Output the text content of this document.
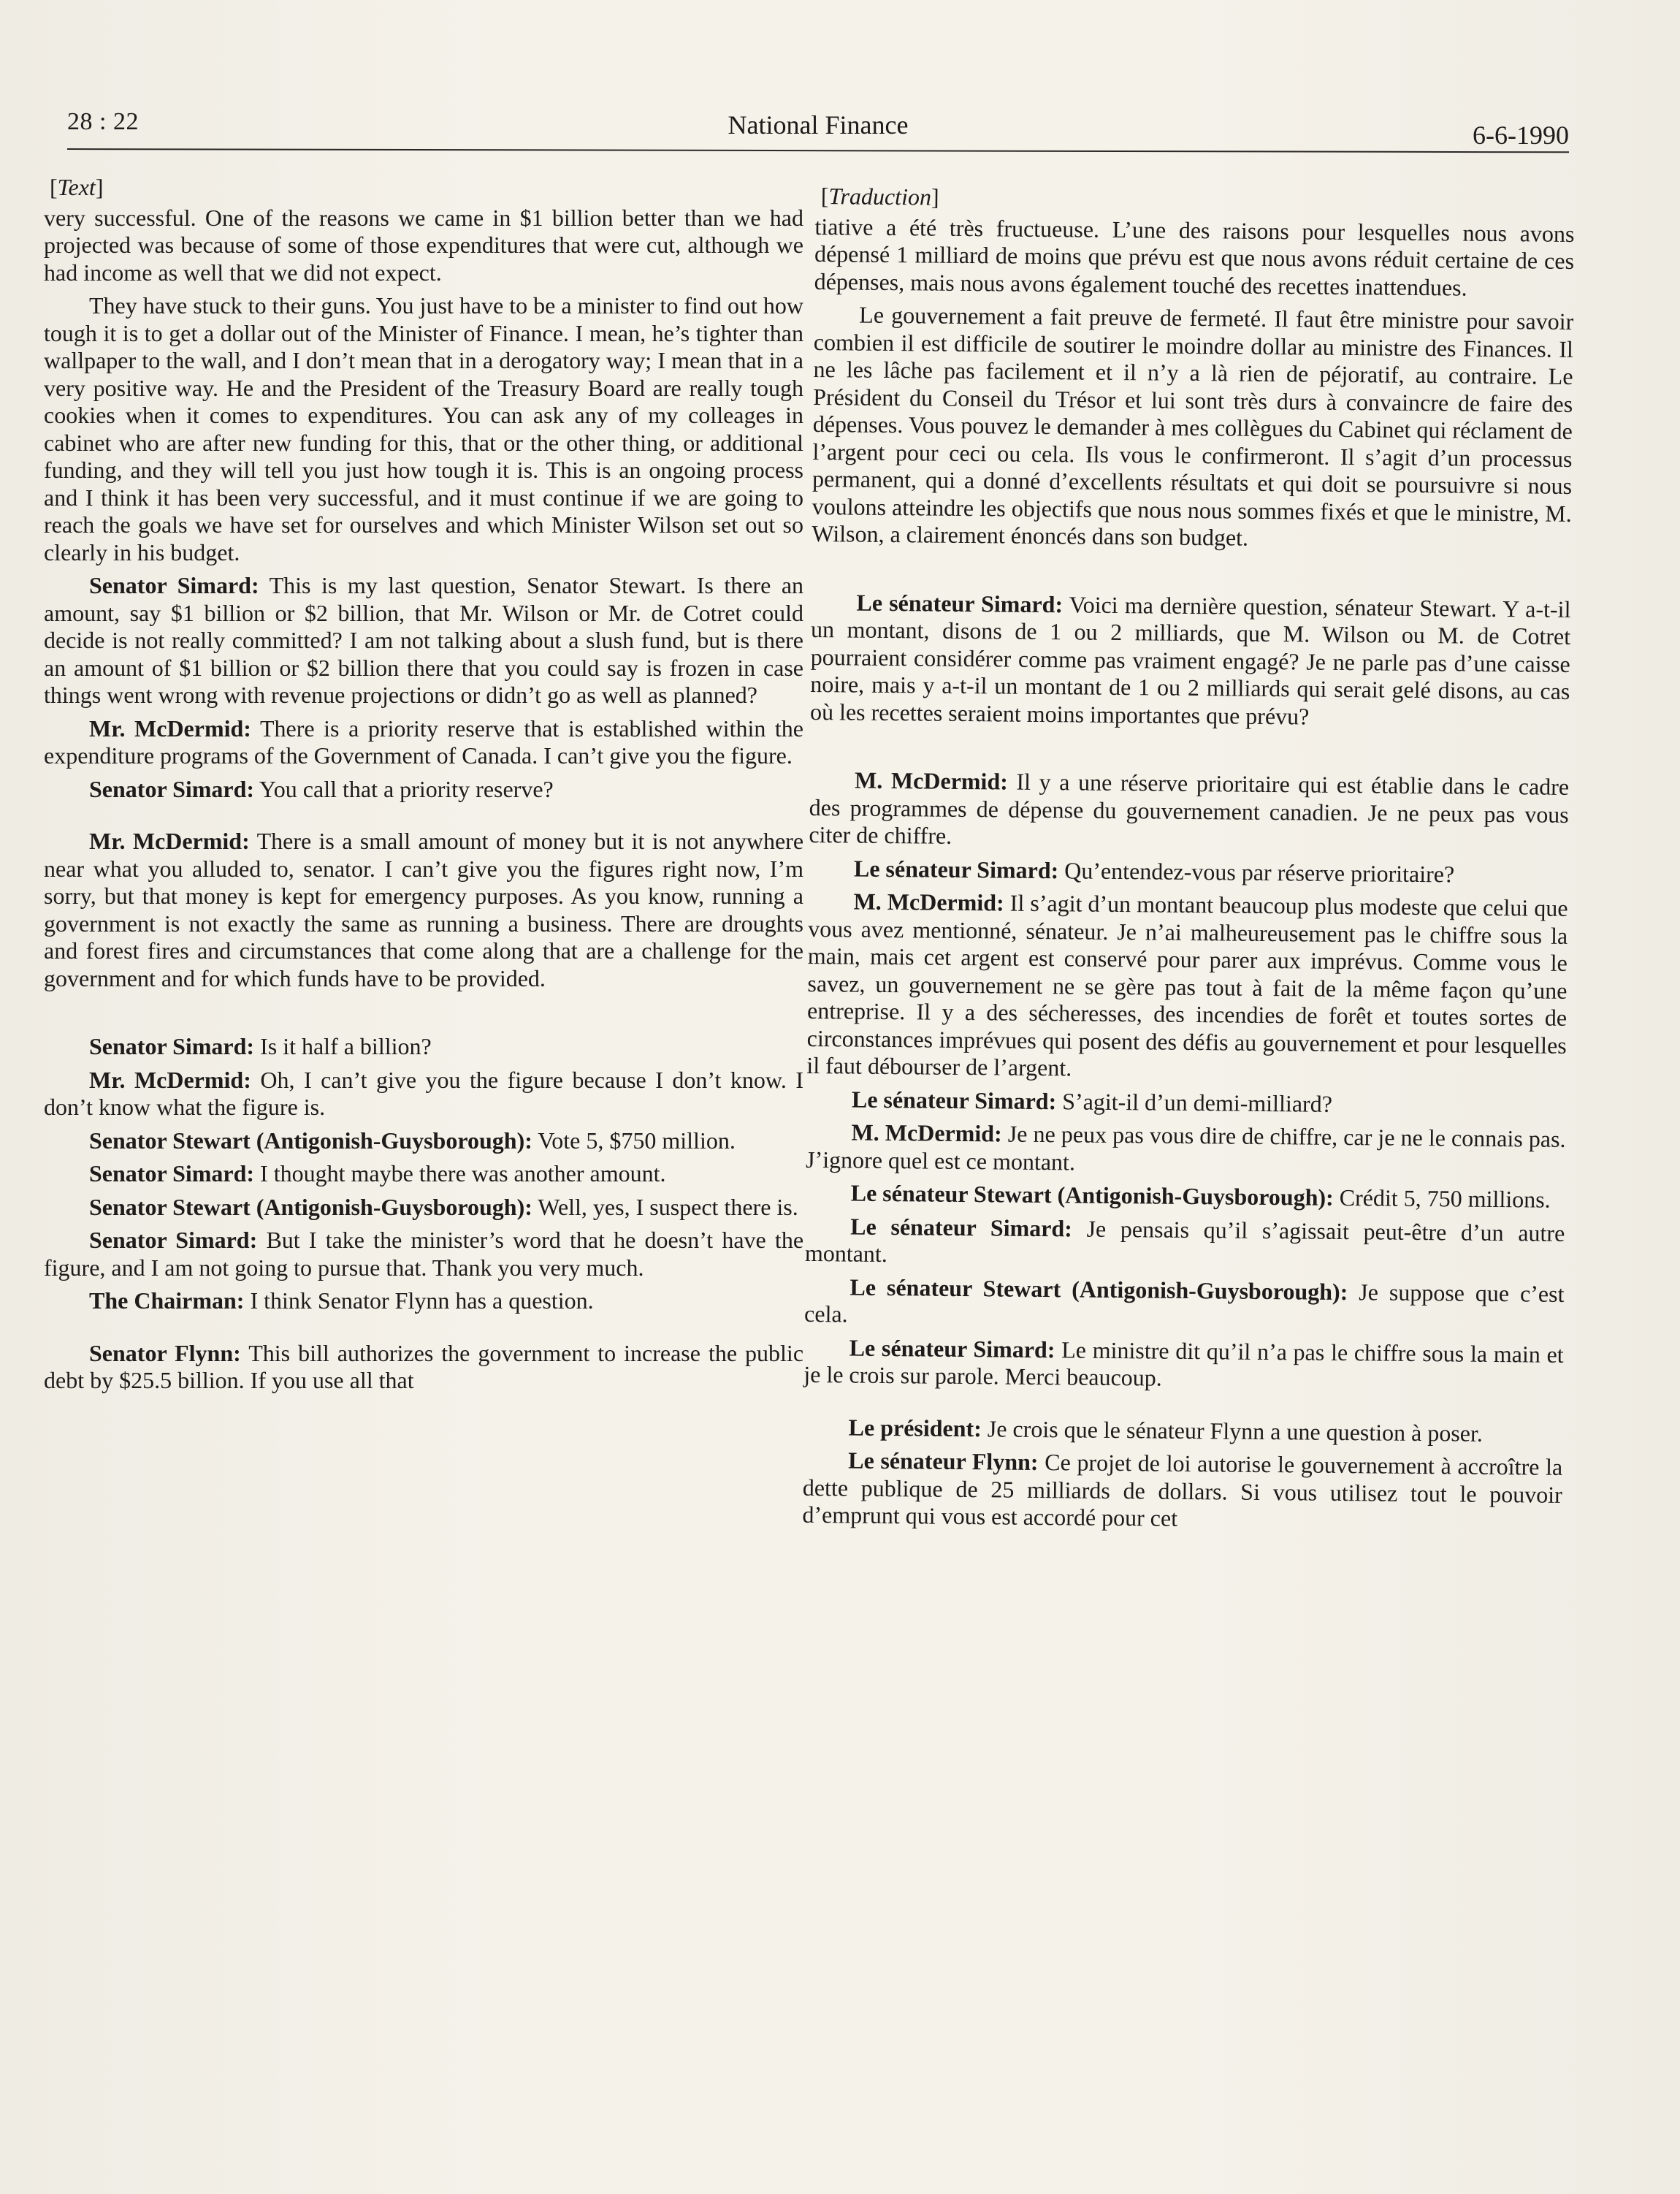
28 : 22	National Finance	6-6-1990
[Text]

very successful. One of the reasons we came in $1 billion better than we had projected was because of some of those expenditures that were cut, although we had income as well that we did not expect.

They have stuck to their guns. You just have to be a minister to find out how tough it is to get a dollar out of the Minister of Finance. I mean, he’s tighter than wallpaper to the wall, and I don’t mean that in a derogatory way; I mean that in a very positive way. He and the President of the Treasury Board are really tough cookies when it comes to expenditures. You can ask any of my colleages in cabinet who are after new funding for this, that or the other thing, or additional funding, and they will tell you just how tough it is. This is an ongoing process and I think it has been very successful, and it must continue if we are going to reach the goals we have set for ourselves and which Minister Wilson set out so clearly in his budget.

Senator Simard: This is my last question, Senator Stewart. Is there an amount, say $1 billion or $2 billion, that Mr. Wilson or Mr. de Cotret could decide is not really committed? I am not talking about a slush fund, but is there an amount of $1 billion or $2 billion there that you could say is frozen in case things went wrong with revenue projections or didn’t go as well as planned?

Mr. McDermid: There is a priority reserve that is established within the expenditure programs of the Government of Canada. I can’t give you the figure.

Senator Simard: You call that a priority reserve?

Mr. McDermid: There is a small amount of money but it is not anywhere near what you alluded to, senator. I can’t give you the figures right now, I’m sorry, but that money is kept for emergency purposes. As you know, running a government is not exactly the same as running a business. There are droughts and forest fires and circumstances that come along that are a challenge for the government and for which funds have to be provided.

Senator Simard: Is it half a billion?

Mr. McDermid: Oh, I can’t give you the figure because I don’t know. I don’t know what the figure is.

Senator Stewart (Antigonish-Guysborough): Vote 5, $750 million.

Senator Simard: I thought maybe there was another amount.

Senator Stewart (Antigonish-Guysborough): Well, yes, I suspect there is.

Senator Simard: But I take the minister’s word that he doesn’t have the figure, and I am not going to pursue that. Thank you very much.

The Chairman: I think Senator Flynn has a question.

Senator Flynn: This bill authorizes the government to increase the public debt by $25.5 billion. If you use all that

[Traduction]

tiative a été très fructueuse. L’une des raisons pour lesquelles nous avons dépensé 1 milliard de moins que prévu est que nous avons réduit certaine de ces dépenses, mais nous avons également touché des recettes inattendues.

Le gouvernement a fait preuve de fermeté. Il faut être ministre pour savoir combien il est difficile de soutirer le moindre dollar au ministre des Finances. Il ne les lâche pas facilement et il n’y a là rien de péjoratif, au contraire. Le Président du Conseil du Trésor et lui sont très durs à convaincre de faire des dépenses. Vous pouvez le demander à mes collègues du Cabinet qui réclament de l’argent pour ceci ou cela. Ils vous le confirmeront. Il s’agit d’un processus permanent, qui a donné d’excellents résultats et qui doit se poursuivre si nous voulons atteindre les objectifs que nous nous sommes fixés et que le ministre, M. Wilson, a clairement énoncés dans son budget.

Le sénateur Simard: Voici ma dernière question, sénateur Stewart. Y a-t-il un montant, disons de 1 ou 2 milliards, que M. Wilson ou M. de Cotret pourraient considérer comme pas vraiment engagé? Je ne parle pas d’une caisse noire, mais y a-t-il un montant de 1 ou 2 milliards qui serait gelé disons, au cas où les recettes seraient moins importantes que prévu?

M. McDermid: Il y a une réserve prioritaire qui est établie dans le cadre des programmes de dépense du gouvernement canadien. Je ne peux pas vous citer de chiffre.

Le sénateur Simard: Qu’entendez-vous par réserve prioritaire?

M. McDermid: Il s’agit d’un montant beaucoup plus modeste que celui que vous avez mentionné, sénateur. Je n’ai malheureusement pas le chiffre sous la main, mais cet argent est conservé pour parer aux imprévus. Comme vous le savez, un gouvernement ne se gère pas tout à fait de la même façon qu’une entreprise. Il y a des sécheresses, des incendies de forêt et toutes sortes de circonstances imprévues qui posent des défis au gouvernement et pour lesquelles il faut débourser de l’argent.

Le sénateur Simard: S’agit-il d’un demi-milliard?

M. McDermid: Je ne peux pas vous dire de chiffre, car je ne le connais pas. J’ignore quel est ce montant.

Le sénateur Stewart (Antigonish-Guysborough): Crédit 5, 750 millions.

Le sénateur Simard: Je pensais qu’il s’agissait peut-être d’un autre montant.

Le sénateur Stewart (Antigonish-Guysborough): Je suppose que c’est cela.

Le sénateur Simard: Le ministre dit qu’il n’a pas le chiffre sous la main et je le crois sur parole. Merci beaucoup.

Le président: Je crois que le sénateur Flynn a une question à poser.

Le sénateur Flynn: Ce projet de loi autorise le gouvernement à accroître la dette publique de 25 milliards de dollars. Si vous utilisez tout le pouvoir d’emprunt qui vous est accordé pour cet
